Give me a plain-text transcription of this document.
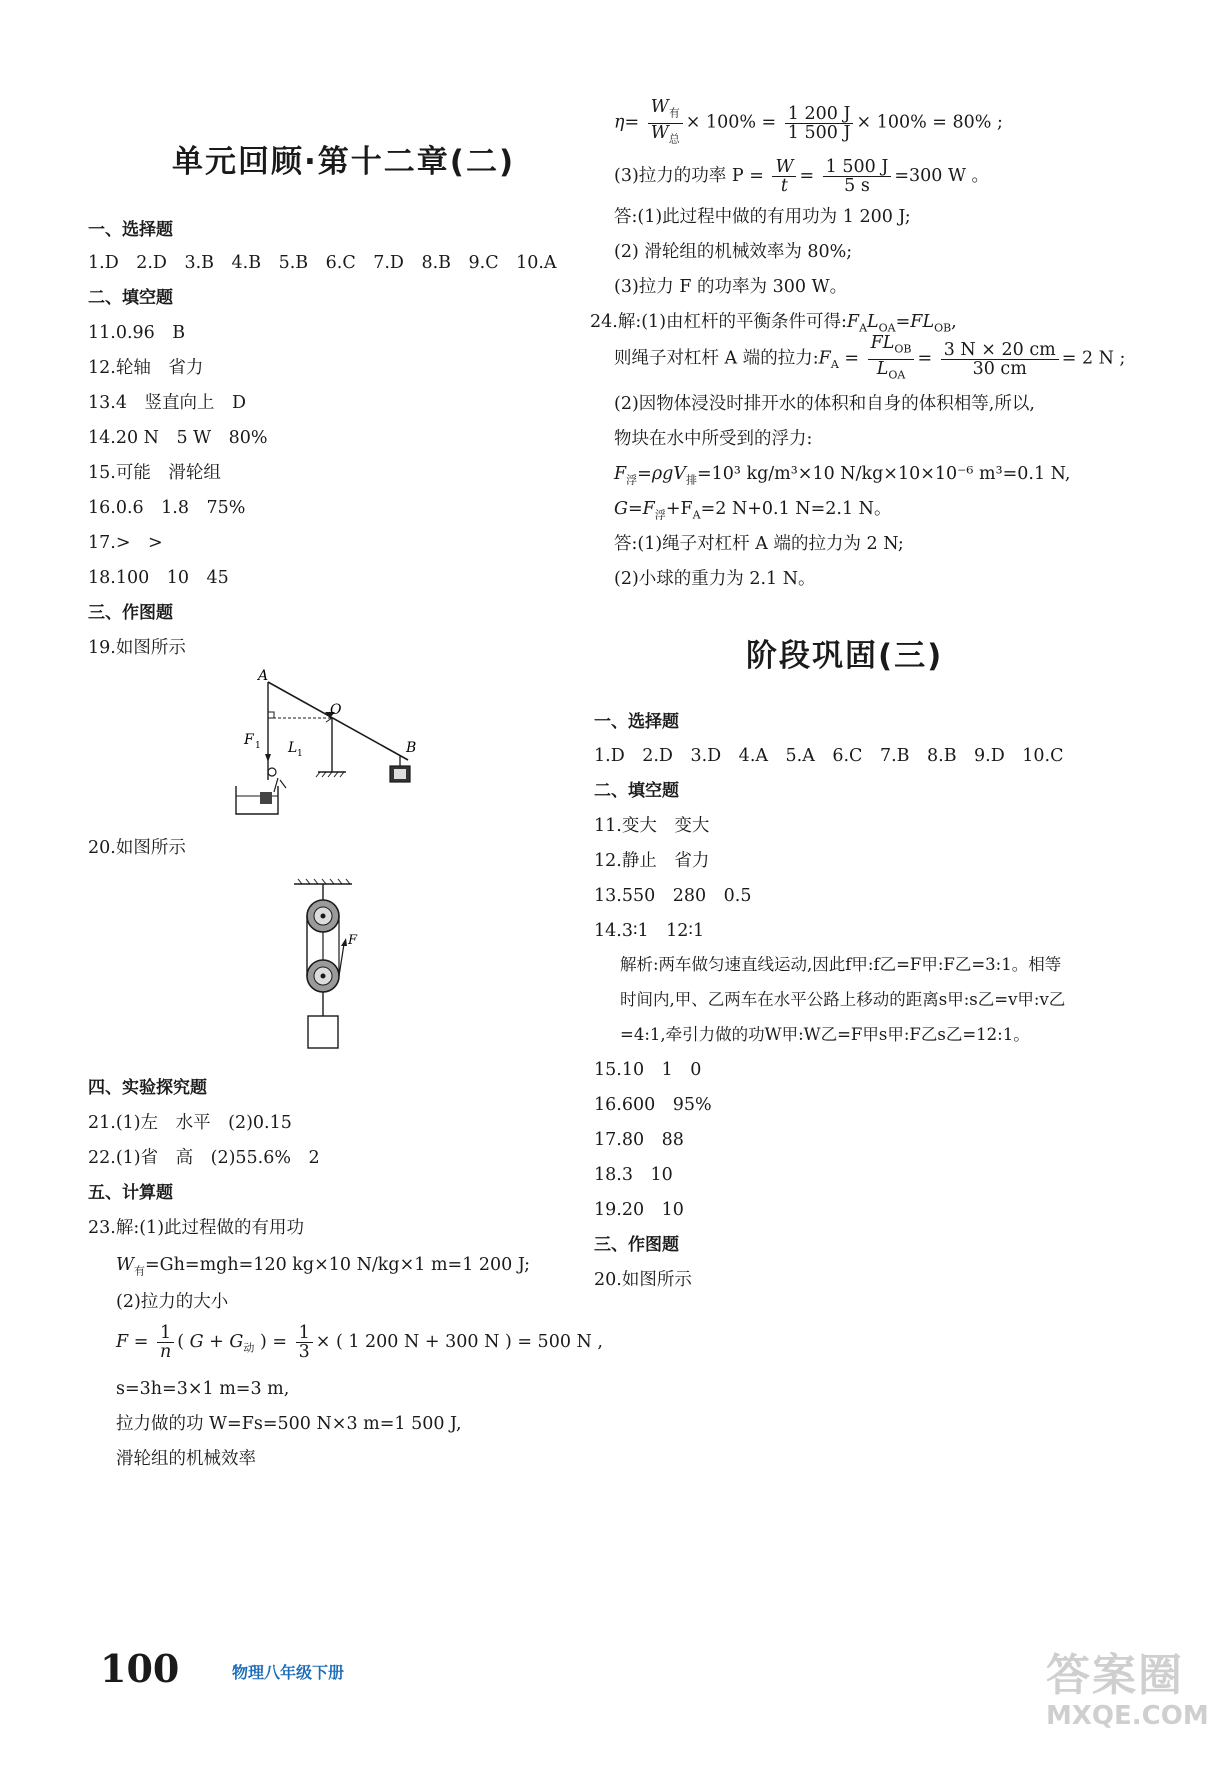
单元回顾·第十二章(二)
一、选择题
1.D　2.D　3.B　4.B　5.B　6.C　7.D　8.B　9.C　10.A
二、填空题
11.0.96　B
12.轮轴　省力
13.4　竖直向上　D
14.20 N　5 W　80%
15.可能　滑轮组
16.0.6　1.8　75%
17.>　>
18.100　10　45
三、作图题
19.如图所示
A
O
B
F 1 L 1
20.如图所示
F
四、实验探究题
21.(1)左　水平　(2)0.15
22.(1)省　高　(2)55.6%　2
五、计算题
23.解:(1)此过程做的有用功
$W_有=Gh=mgh=120$ kg×10 N/kg×1 m=1 200 J;
(2)拉力的大小
$F = \frac{1}{n}$ ( $G + G_动$ ) = $\frac{1}{3}$ × ( 1 200 N + 300 N ) = 500 N ,
s=3h=3×1 m=3 m,
拉力做的功 W=Fs=500 N×3 m=1 500 J,
滑轮组的机械效率
$\eta= \frac{W_有}{W_总} \times 100\% = \frac{1 200 J}{1 500 J} \times 100\% = 80\%$ ;
(3)拉力的功率 $P = \frac{W}{t} = \frac{1 500 J}{5 s} =300$ W 。
答:(1)此过程中做的有用功为 1 200 J;
(2) 滑轮组的机械效率为 80%;
(3)拉力 F 的功率为 300 W。
24.解:(1)由杠杆的平衡条件可得$:F_AL_{OA}=FL_{OB}$,
则绳子对杠杆 A 端的拉力$:F_A = \frac{FL_{OB}}{L_{OA}} = \frac{3 N \times 20 cm}{30 cm} = 2$ N ;
(2)因物体浸没时排开水的体积和自身的体积相等,所以,
物块在水中所受到的浮力:
$F_浮=\rho gV_排=10^3$ kg/m³×10 N/kg×10×10⁻⁶ m³=0.1 N,
$G=F_浮+F_A=2$ N+0.1 N=2.1 N。
答:(1)绳子对杠杆 A 端的拉力为 2 N;
(2)小球的重力为 2.1 N。
阶段巩固(三)
一、选择题
1.D　2.D　3.D　4.A　5.A　6.C　7.B　8.B　9.D　10.C
二、填空题
11.变大　变大
12.静止　省力
13.550　280　0.5
14.3∶1　12∶1
解析:两车做匀速直线运动,因此f甲:f乙=F甲:F乙=3:1。相等
时间内,甲、乙两车在水平公路上移动的距离s甲:s乙=v甲:v乙
=4:1,牵引力做的功W甲:W乙=F甲s甲:F乙s乙=12:1。
15.10　1　0
16.600　95%
17.80　88
18.3　10
19.20　10
三、作图题
20.如图所示
100	物理八年级下册	答案圈
MXQE.COM
